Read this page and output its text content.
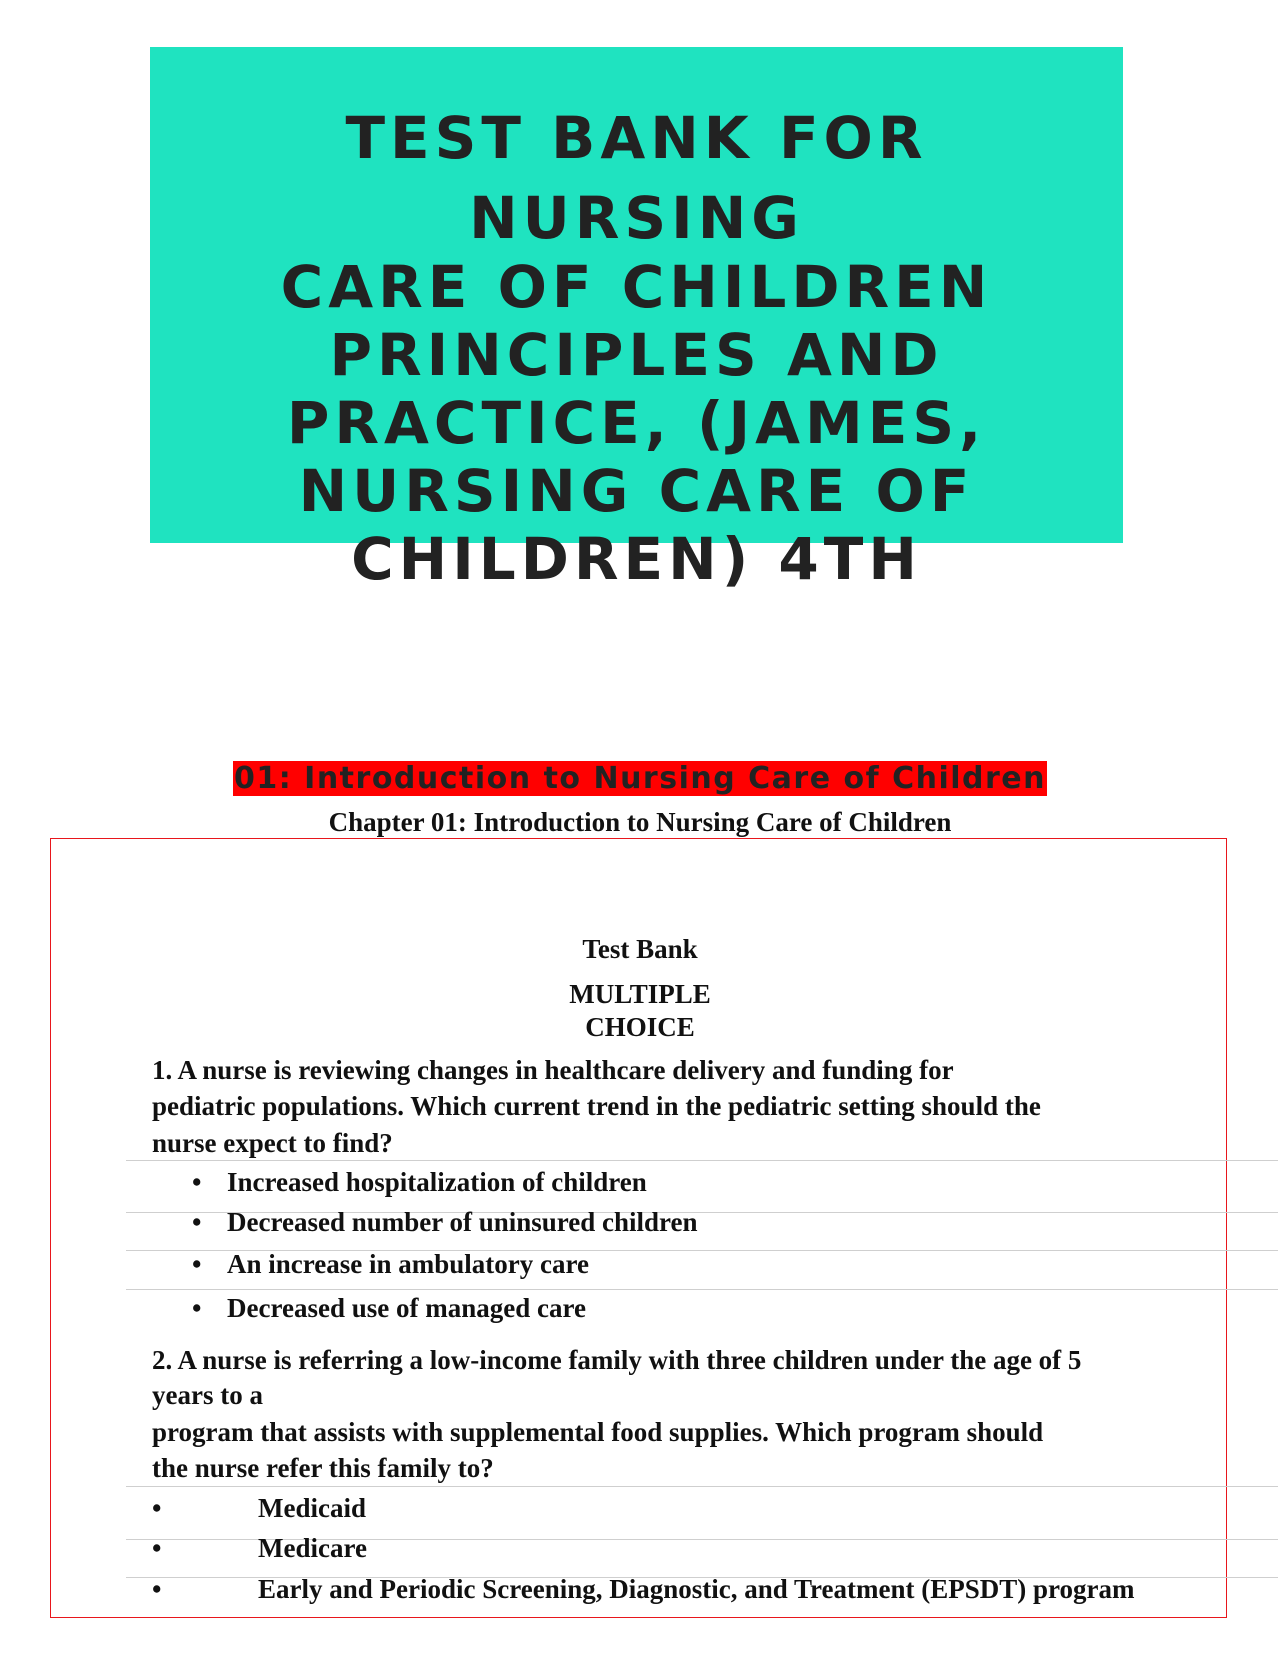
TEST BANK FOR
NURSING
CARE OF CHILDREN
PRINCIPLES AND
PRACTICE, (JAMES,
NURSING CARE OF
CHILDREN) 4TH
01: Introduction to Nursing Care of Children
Chapter 01: Introduction to Nursing Care of Children
Test Bank
MULTIPLE
CHOICE
1. A nurse is reviewing changes in healthcare delivery and funding for
pediatric populations. Which current trend in the pediatric setting should the
nurse expect to find?
• Increased hospitalization of children
• Decreased number of uninsured children
• An increase in ambulatory care
• Decreased use of managed care
2. A nurse is referring a low-income family with three children under the age of 5
years to a
program that assists with supplemental food supplies. Which program should
the nurse refer this family to?
•	Medicaid
•	Medicare
•	Early and Periodic Screening, Diagnostic, and Treatment (EPSDT) program
